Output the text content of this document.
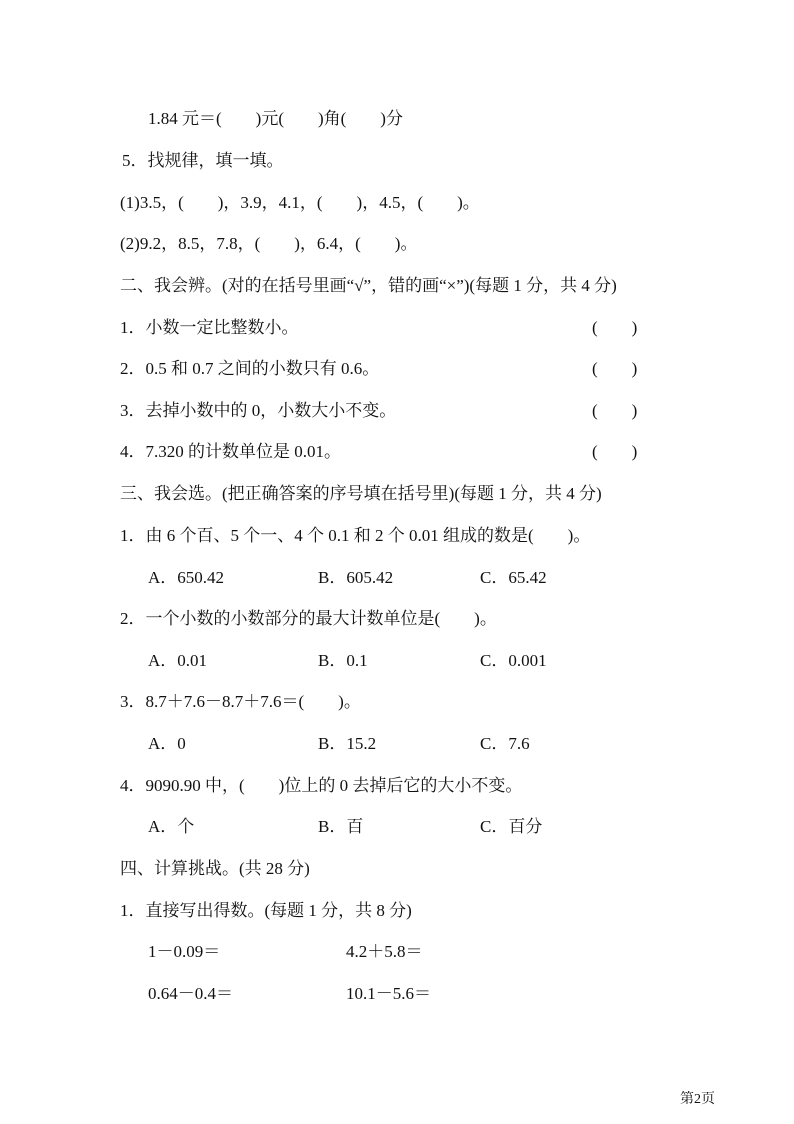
1.84 元＝(　　)元(　　)角(　　)分
5．找规律，填一填。
(1)3.5，(　　)，3.9，4.1，(　　)，4.5，(　　)。
(2)9.2，8.5，7.8，(　　)，6.4，(　　)。
二、我会辨。(对的在括号里画“√”，错的画“×”)(每题 1 分，共 4 分)
1．小数一定比整数小。	(　　)
2．0.5 和 0.7 之间的小数只有 0.6。	(　　)
3．去掉小数中的 0，小数大小不变。	(　　)
4．7.320 的计数单位是 0.01。	(　　)
三、我会选。(把正确答案的序号填在括号里)(每题 1 分，共 4 分)
1．由 6 个百、5 个一、4 个 0.1 和 2 个 0.01 组成的数是(　　)。
A．650.42	B．605.42	C．65.42
2．一个小数的小数部分的最大计数单位是(　　)。
A．0.01	B．0.1	C．0.001
3．8.7＋7.6－8.7＋7.6＝(　　)。
A．0	B．15.2	C．7.6
4．9090.90 中，(　　)位上的 0 去掉后它的大小不变。
A．个	B．百	C．百分
四、计算挑战。(共 28 分)
1．直接写出得数。(每题 1 分，共 8 分)
1－0.09＝	4.2＋5.8＝
0.64－0.4＝	10.1－5.6＝
第2页
